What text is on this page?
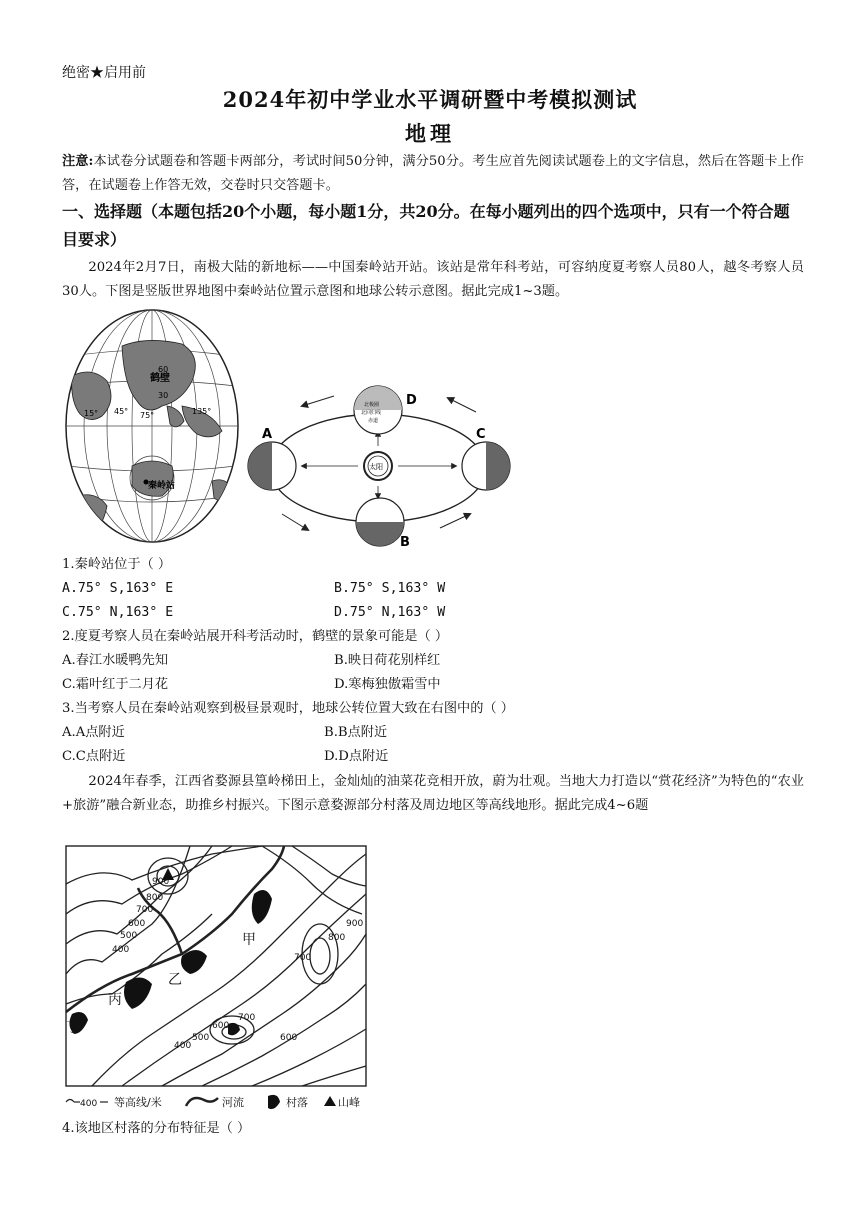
绝密★启用前
2024年初中学业水平调研暨中考模拟测试
地理
注意:本试卷分试题卷和答题卡两部分，考试时间50分钟，满分50分。考生应首先阅读试题卷上的文字信息，然后在答题卡上作答，在试题卷上作答无效，交卷时只交答题卡。
一、选择题（本题包括20个小题，每小题1分，共20分。在每小题列出的四个选项中，只有一个符合题目要求）
2024年2月7日，南极大陆的新地标——中国秦岭站开站。该站是常年科考站，可容纳度夏考察人员80人，越冬考察人员30人。下图是竖版世界地图中秦岭站位置示意图和地球公转示意图。据此完成1~3题。
鹤壁
60
30
15° 45° 75°	135°
秦岭站
太阳
北极圈
北回归线
赤道
D
A	C
B
1.秦岭站位于（ ）
A.75° S,163° E	B.75° S,163° W
C.75° N,163° E	D.75° N,163° W
2.度夏考察人员在秦岭站展开科考活动时，鹤壁的景象可能是（ ）
A.春江水暖鸭先知	B.映日荷花别样红
C.霜叶红于二月花	D.寒梅独傲霜雪中
3.当考察人员在秦岭站观察到极昼景观时，地球公转位置大致在右图中的（ ）
A.A点附近	B.B点附近
C.C点附近	D.D点附近
2024年春季，江西省婺源县篁岭梯田上，金灿灿的油菜花竞相开放，蔚为壮观。当地大力打造以“赏花经济”为特色的“农业+旅游”融合新业态，助推乡村振兴。下图示意婺源部分村落及周边地区等高线地形。据此完成4~6题
甲
乙
丙
丁
900
800
700
600
500
400
400
500
600
700
700
800
900
600
400 等高线/米	河流	村落	山峰
4.该地区村落的分布特征是（ ）
